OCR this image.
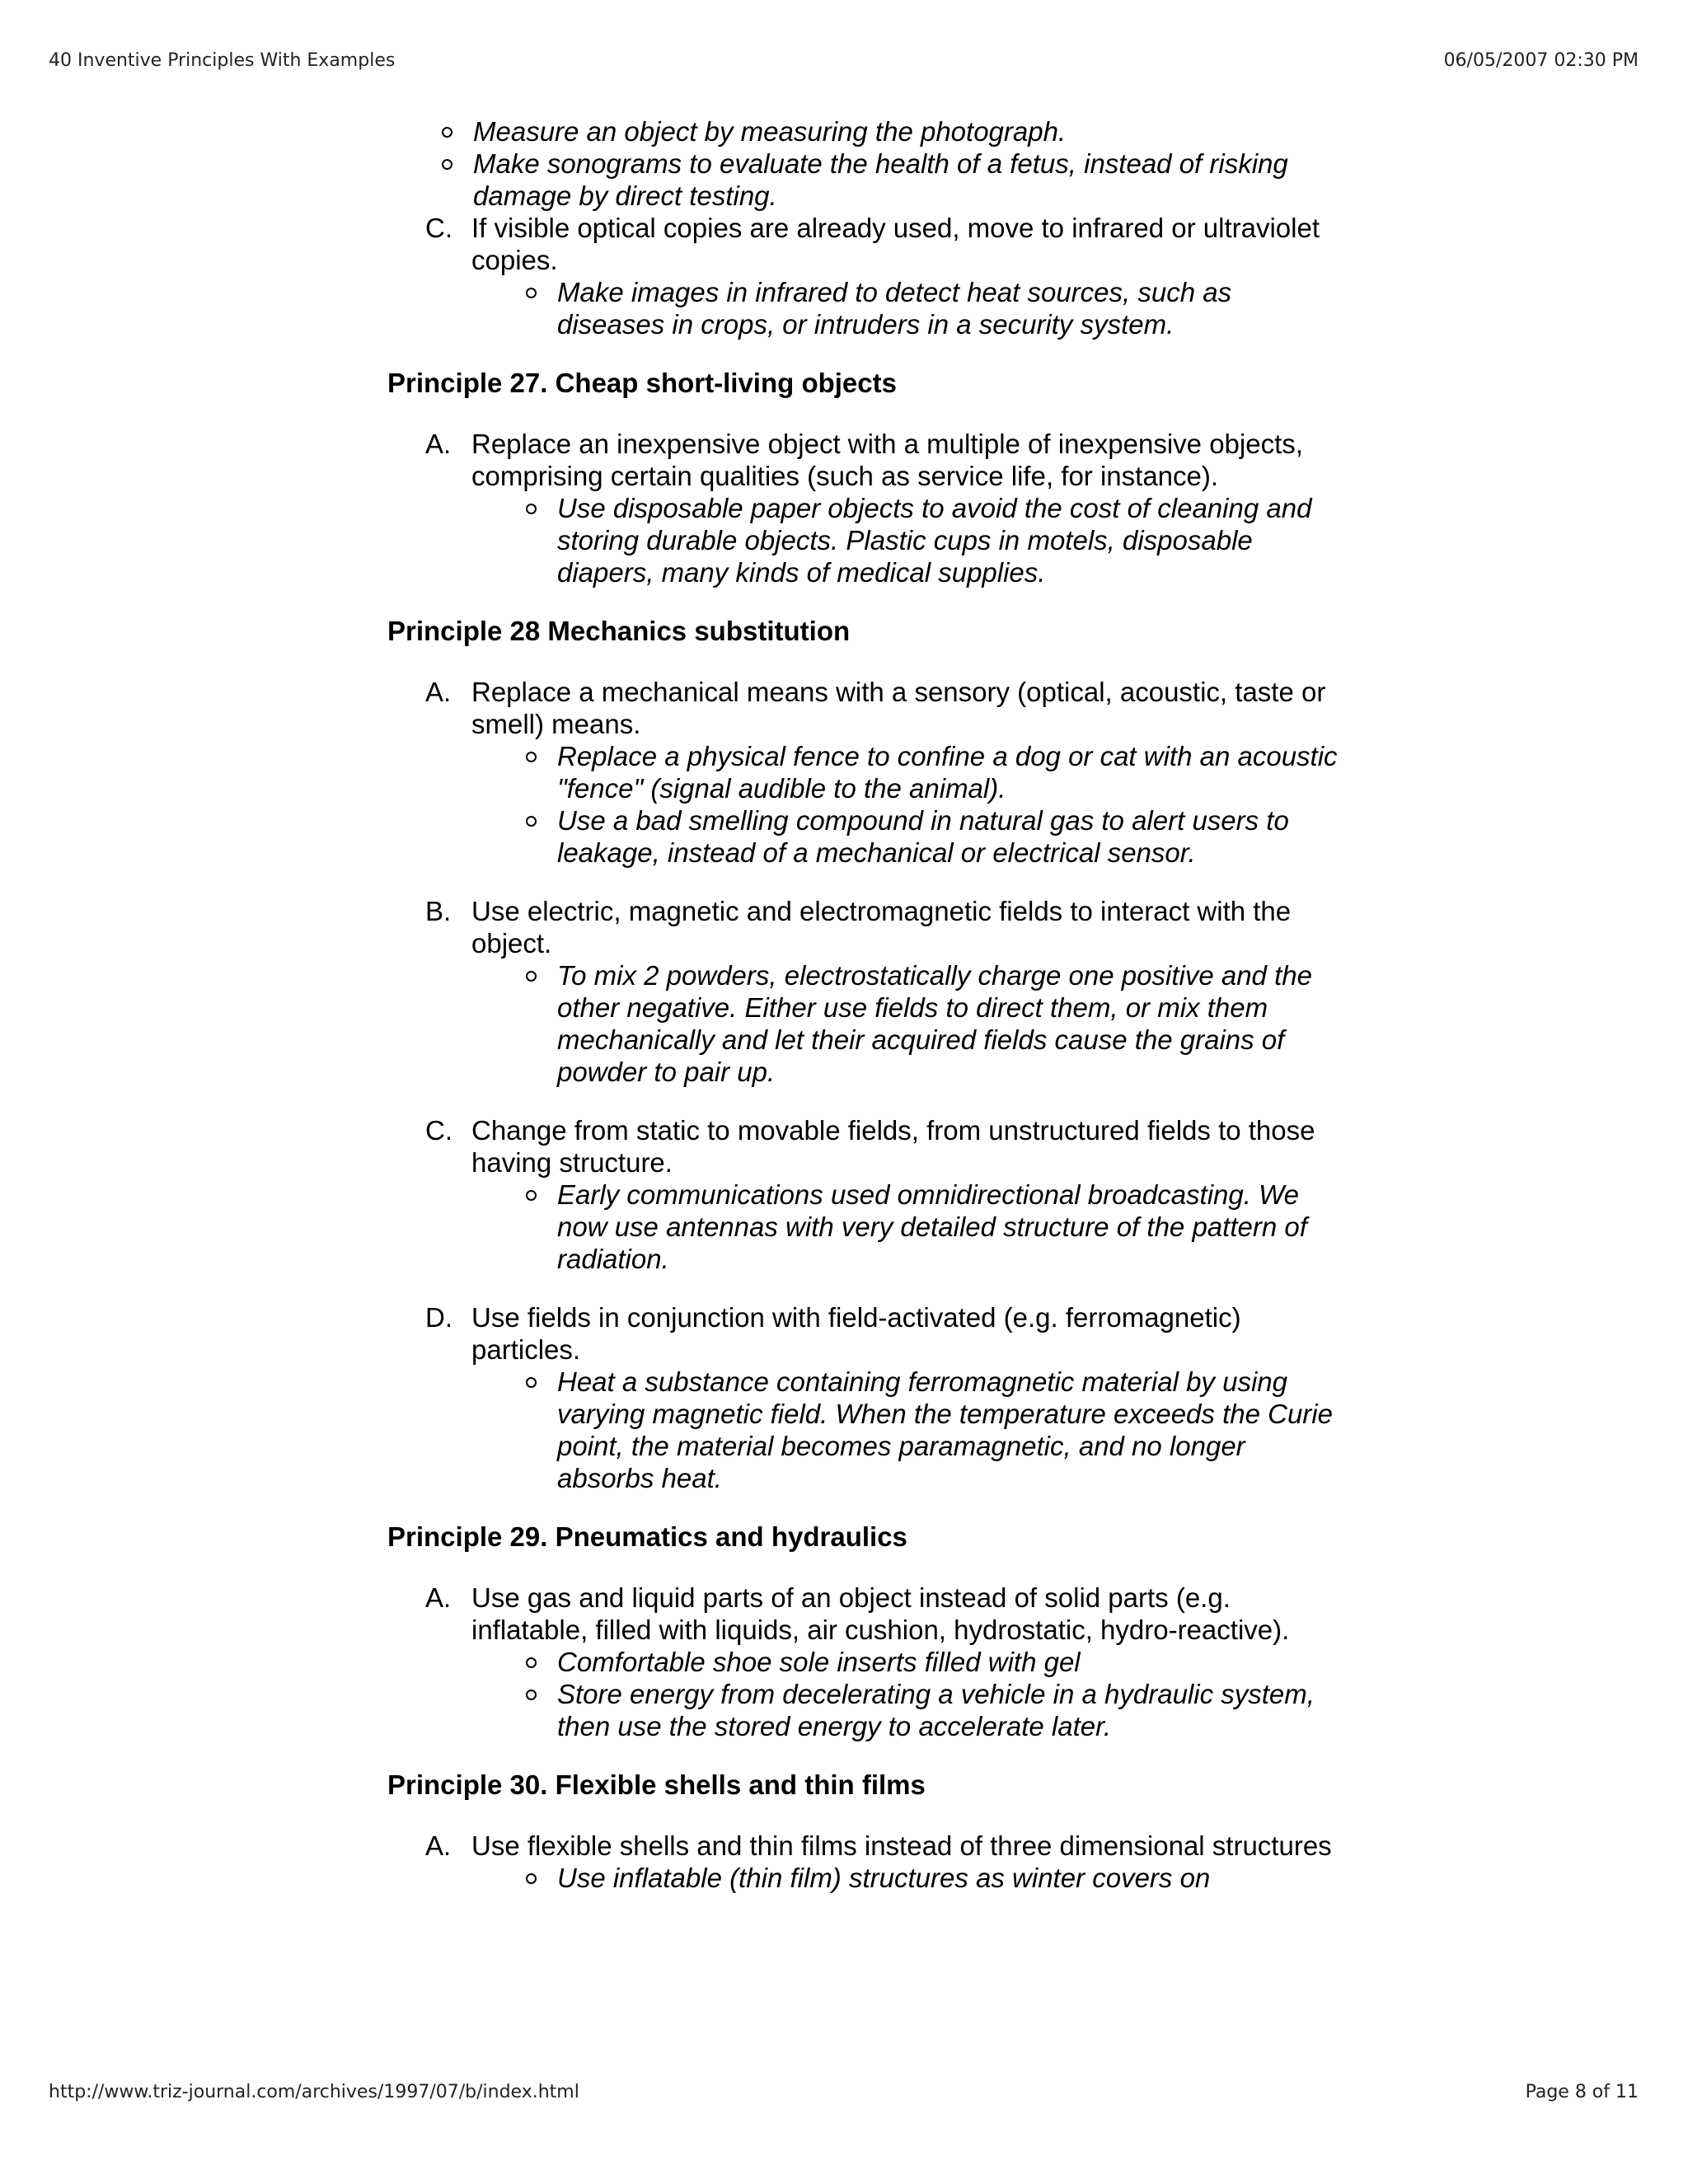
40 Inventive Principles With Examples	06/05/2007 02:30 PM
Measure an object by measuring the photograph.
Make sonograms to evaluate the health of a fetus, instead of risking damage by direct testing.
C. If visible optical copies are already used, move to infrared or ultraviolet copies.
Make images in infrared to detect heat sources, such as diseases in crops, or intruders in a security system.
Principle 27. Cheap short-living objects
A. Replace an inexpensive object with a multiple of inexpensive objects, comprising certain qualities (such as service life, for instance).
Use disposable paper objects to avoid the cost of cleaning and storing durable objects. Plastic cups in motels, disposable diapers, many kinds of medical supplies.
Principle 28 Mechanics substitution
A. Replace a mechanical means with a sensory (optical, acoustic, taste or smell) means.
Replace a physical fence to confine a dog or cat with an acoustic "fence" (signal audible to the animal).
Use a bad smelling compound in natural gas to alert users to leakage, instead of a mechanical or electrical sensor.
B. Use electric, magnetic and electromagnetic fields to interact with the object.
To mix 2 powders, electrostatically charge one positive and the other negative. Either use fields to direct them, or mix them mechanically and let their acquired fields cause the grains of powder to pair up.
C. Change from static to movable fields, from unstructured fields to those having structure.
Early communications used omnidirectional broadcasting. We now use antennas with very detailed structure of the pattern of radiation.
D. Use fields in conjunction with field-activated (e.g. ferromagnetic) particles.
Heat a substance containing ferromagnetic material by using varying magnetic field. When the temperature exceeds the Curie point, the material becomes paramagnetic, and no longer absorbs heat.
Principle 29. Pneumatics and hydraulics
A. Use gas and liquid parts of an object instead of solid parts (e.g. inflatable, filled with liquids, air cushion, hydrostatic, hydro-reactive).
Comfortable shoe sole inserts filled with gel
Store energy from decelerating a vehicle in a hydraulic system, then use the stored energy to accelerate later.
Principle 30. Flexible shells and thin films
A. Use flexible shells and thin films instead of three dimensional structures
Use inflatable (thin film) structures as winter covers on
http://www.triz-journal.com/archives/1997/07/b/index.html	Page 8 of 11
